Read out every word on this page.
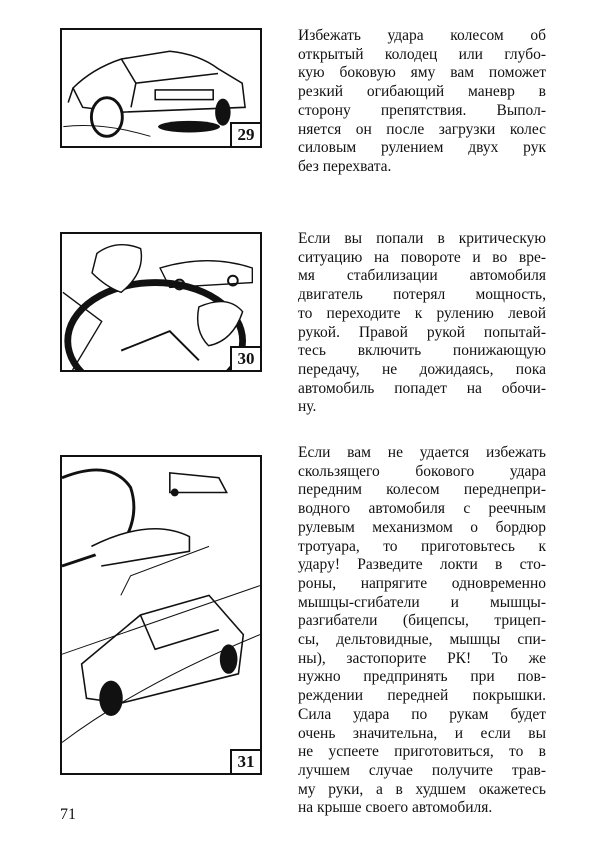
29
Избежать удара колесом об
открытый колодец или глубо-
кую боковую яму вам поможет
резкий огибающий маневр в
сторону препятствия. Выпол-
няется он после загрузки колес
силовым рулением двух рук
без перехвата.
30
Если вы попали в критическую
ситуацию на повороте и во вре-
мя стабилизации автомобиля
двигатель потерял мощность,
то переходите к рулению левой
рукой. Правой рукой попытай-
тесь включить понижающую
передачу, не дожидаясь, пока
автомобиль попадет на обочи-
ну.
31
Если вам не удается избежать
скользящего бокового удара
передним колесом переднепри-
водного автомобиля с реечным
рулевым механизмом о бордюр
тротуара, то приготовьтесь к
удару! Разведите локти в сто-
роны, напрягите одновременно
мышцы-сгибатели и мышцы-
разгибатели (бицепсы, трицеп-
сы, дельтовидные, мышцы спи-
ны), застопорите РК! То же
нужно предпринять при пов-
реждении передней покрышки.
Сила удара по рукам будет
очень значительна, и если вы
не успеете приготовиться, то в
лучшем случае получите трав-
му руки, а в худшем окажетесь
на крыше своего автомобиля.
71
